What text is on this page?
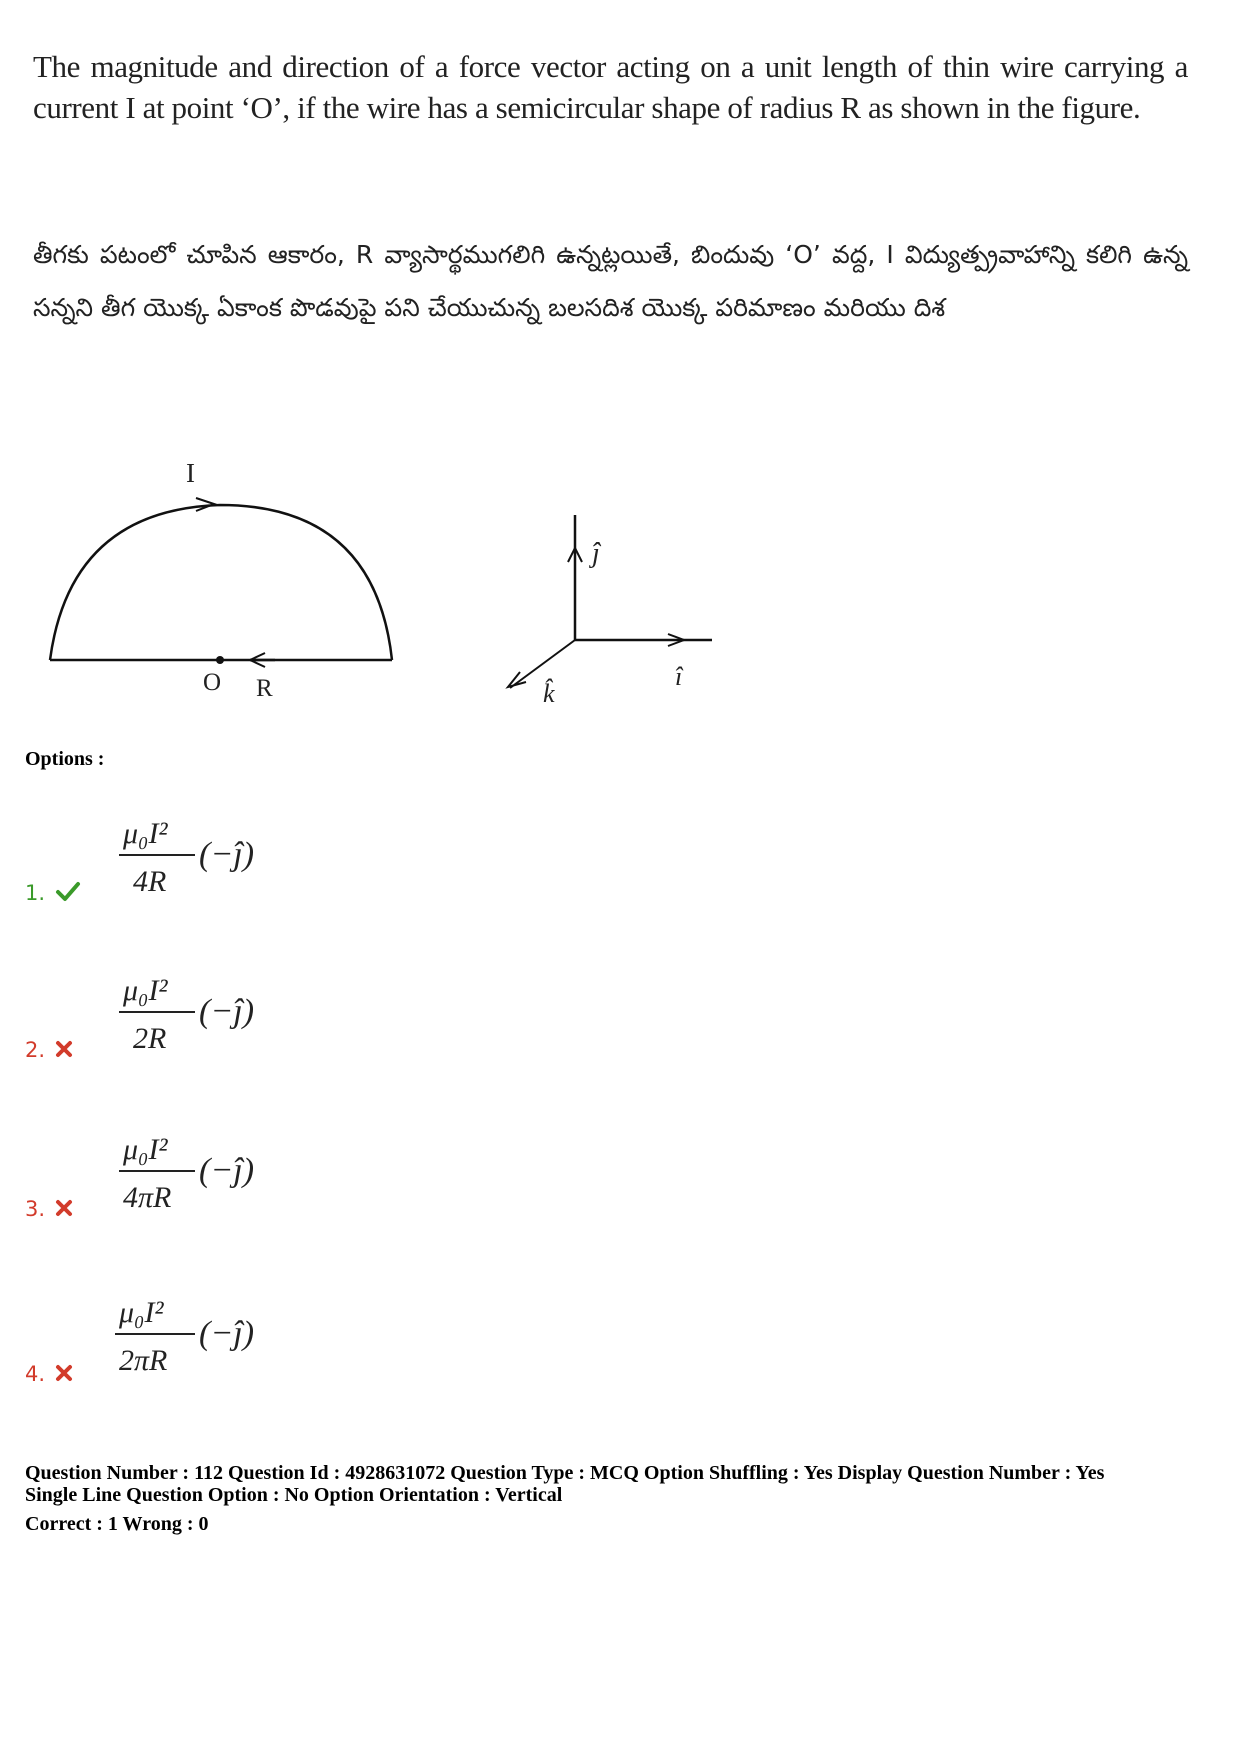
The magnitude and direction of a force vector acting on a unit length of thin wire carrying a current I at point ‘O’, if the wire has a semicircular shape of radius R as shown in the figure.
తీగకు పటంలో చూపిన ఆకారం, R వ్యాసార్థముగలిగి ఉన్నట్లయితే, బిందువు ‘O’ వద్ద, I విద్యుత్ప్రవాహాన్ని కలిగి ఉన్న సన్నని తీగ యొక్క ఏకాంక పొడవుపై పని చేయుచున్న బలసదిశ యొక్క పరిమాణం మరియు దిశ
I
O R
ĵ
î
k̂
Options :
μ₀I²
4R
(−ĵ)
1.
μ₀I²
2R
(−ĵ)
2.
μ₀I²
4πR
(−ĵ)
3.
μ₀I²
2πR
(−ĵ)
4.
Question Number : 112 Question Id : 4928631072 Question Type : MCQ Option Shuffling : Yes Display Question Number : Yes
Single Line Question Option : No Option Orientation : Vertical
Correct : 1 Wrong : 0
